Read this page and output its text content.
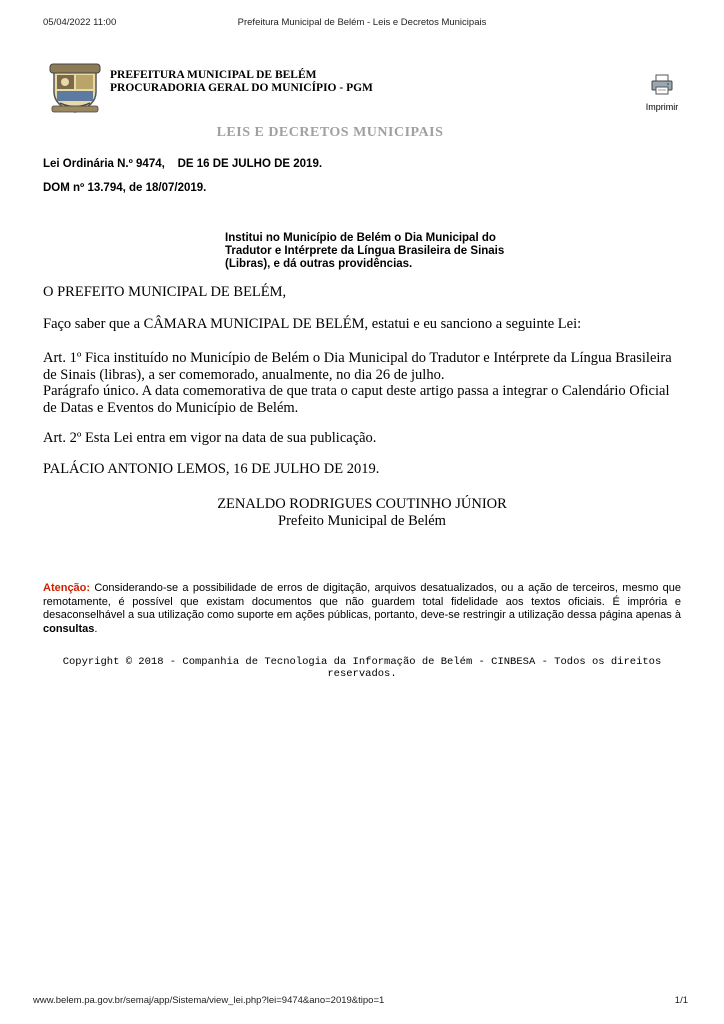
05/04/2022 11:00	Prefeitura Municipal de Belém - Leis e Decretos Municipais
PREFEITURA MUNICIPAL DE BELÉM
PROCURADORIA GERAL DO MUNICÍPIO - PGM
Imprimir
LEIS E DECRETOS MUNICIPAIS
Lei Ordinária N.º 9474,    DE 16 DE JULHO DE 2019.
DOM nº 13.794, de 18/07/2019.
Institui no Município de Belém o Dia Municipal do Tradutor e Intérprete da Língua Brasileira de Sinais (Libras), e dá outras providências.
O PREFEITO MUNICIPAL DE BELÉM,
Faço saber que a CÂMARA MUNICIPAL DE BELÉM, estatui e eu sanciono a seguinte Lei:

Art. 1º Fica instituído no Município de Belém o Dia Municipal do Tradutor e Intérprete da Língua Brasileira de Sinais (libras), a ser comemorado, anualmente, no dia 26 de julho.

Parágrafo único. A data comemorativa de que trata o caput deste artigo passa a integrar o Calendário Oficial de Datas e Eventos do Município de Belém.

Art. 2º Esta Lei entra em vigor na data de sua publicação.
PALÁCIO ANTONIO LEMOS, 16 DE JULHO DE 2019.
ZENALDO RODRIGUES COUTINHO JÚNIOR
Prefeito Municipal de Belém
Atenção: Considerando-se a possibilidade de erros de digitação, arquivos desatualizados, ou a ação de terceiros, mesmo que remotamente, é possível que existam documentos que não guardem total fidelidade aos textos oficiais. É imprória e desaconselhável a sua utilização como suporte em ações públicas, portanto, deve-se restringir a utilização dessa página apenas à consultas.
Copyright © 2018 - Companhia de Tecnologia da Informação de Belém - CINBESA - Todos os direitos reservados.
www.belem.pa.gov.br/semaj/app/Sistema/view_lei.php?lei=9474&ano=2019&tipo=1	1/1
